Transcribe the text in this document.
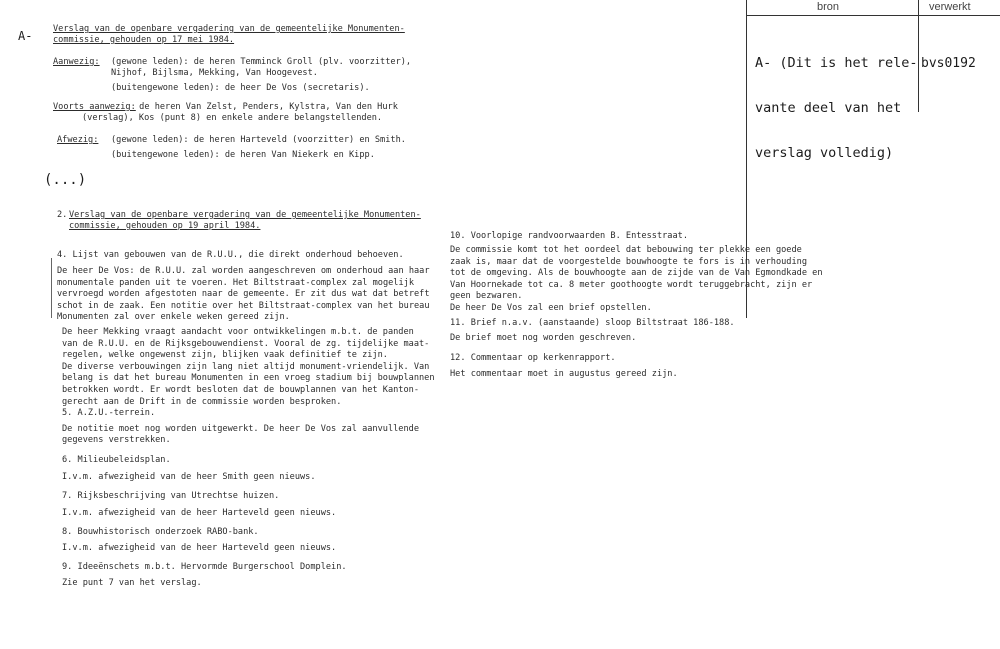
bron	verwerkt

A- (Dit is het rele-

vante deel van het

verslag volledig)

bvs0192
A- Verslag van de openbare vergadering van de gemeentelijke Monumenten-
commissie, gehouden op 17 mei 1984.
Aanwezig: (gewone leden): de heren Temminck Groll (plv. voorzitter),
Nijhof, Bijlsma, Mekking, Van Hoogevest.
(buitengewone leden): de heer De Vos (secretaris).
Voorts aanwezig:
de heren Van Zelst, Penders, Kylstra, Van den Hurk
(verslag), Kos (punt 8) en enkele andere belangstellenden.
Afwezig: (gewone leden): de heren Harteveld (voorzitter) en Smith.
(buitengewone leden): de heren Van Niekerk en Kipp.
(...)
2. Verslag van de openbare vergadering van de gemeentelijke Monumenten-
commissie, gehouden op 19 april 1984.
4. Lijst van gebouwen van de R.U.U., die direkt onderhoud behoeven.
De heer De Vos: de R.U.U. zal worden aangeschreven om onderhoud aan haar
monumentale panden uit te voeren. Het Biltstraat-complex zal mogelijk
vervroegd worden afgestoten naar de gemeente. Er zit dus wat dat betreft
schot in de zaak. Een notitie over het Biltstraat-complex van het bureau
Monumenten zal over enkele weken gereed zijn.
De heer Mekking vraagt aandacht voor ontwikkelingen m.b.t. de panden
van de R.U.U. en de Rijksgebouwendienst. Vooral de zg. tijdelijke maat-
regelen, welke ongewenst zijn, blijken vaak definitief te zijn.
De diverse verbouwingen zijn lang niet altijd monument-vriendelijk. Van
belang is dat het bureau Monumenten in een vroeg stadium bij bouwplannen
betrokken wordt. Er wordt besloten dat de bouwplannen van het Kanton-
gerecht aan de Drift in de commissie worden besproken.
5. A.Z.U.-terrein.
De notitie moet nog worden uitgewerkt. De heer De Vos zal aanvullende
gegevens verstrekken.
6. Milieubeleidsplan.
I.v.m. afwezigheid van de heer Smith geen nieuws.
7. Rijksbeschrijving van Utrechtse huizen.
I.v.m. afwezigheid van de heer Harteveld geen nieuws.
8. Bouwhistorisch onderzoek RABO-bank.
I.v.m. afwezigheid van de heer Harteveld geen nieuws.
9. Ideeënschets m.b.t. Hervormde Burgerschool Domplein.
Zie punt 7 van het verslag.
10. Voorlopige randvoorwaarden B. Entesstraat.
De commissie komt tot het oordeel dat bebouwing ter plekke een goede
zaak is, maar dat de voorgestelde bouwhoogte te fors is in verhouding
tot de omgeving. Als de bouwhoogte aan de zijde van de Van Egmondkade en
Van Hoornekade tot ca. 8 meter goothoogte wordt teruggebracht, zijn er
geen bezwaren.
De heer De Vos zal een brief opstellen.
11. Brief n.a.v. (aanstaande) sloop Biltstraat 186-188.
De brief moet nog worden geschreven.
12. Commentaar op kerkenrapport.
Het commentaar moet in augustus gereed zijn.
